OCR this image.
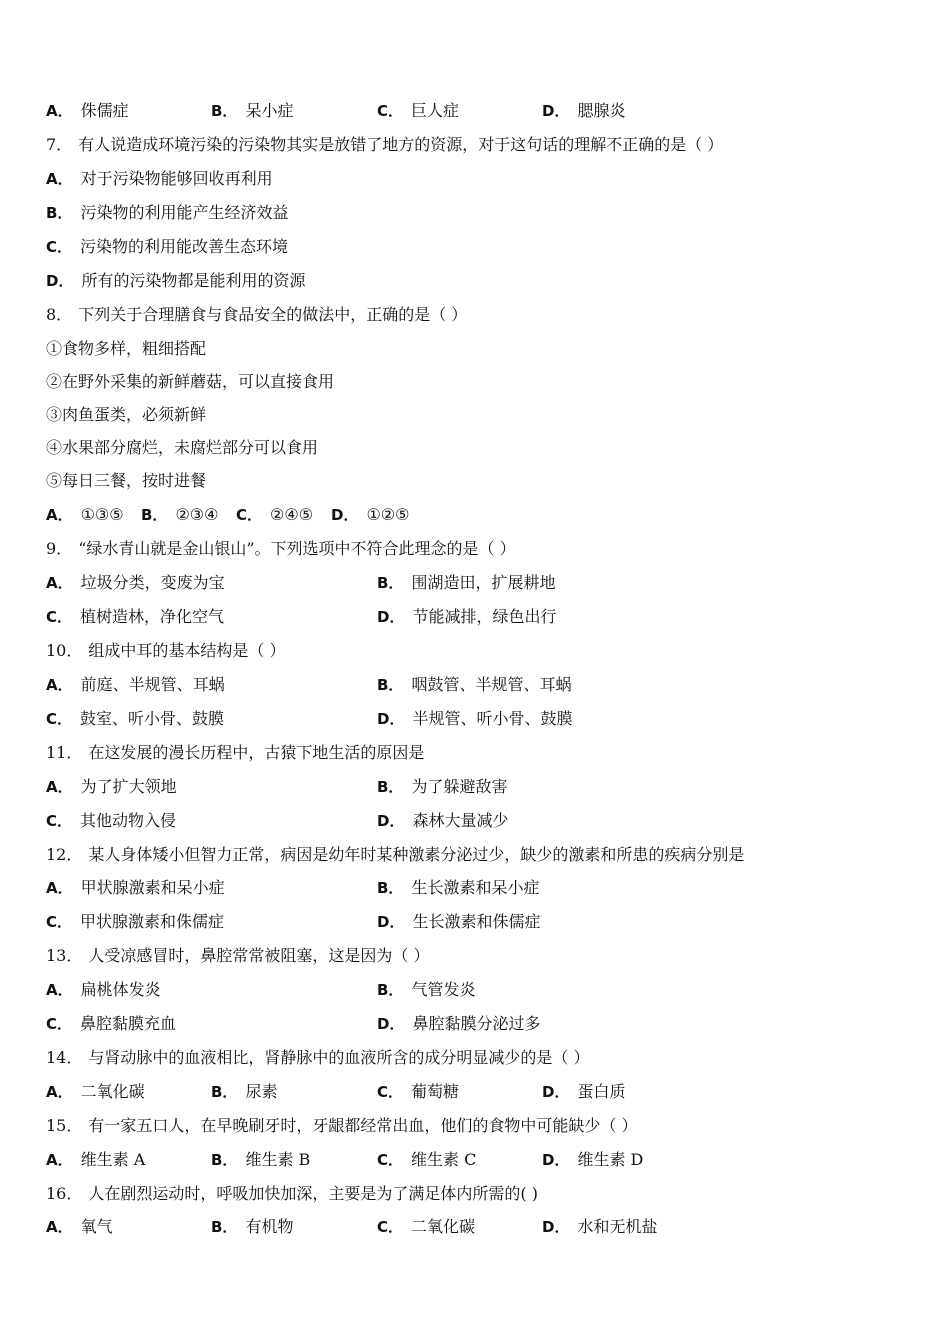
A． 侏儒症	B． 呆小症	C． 巨人症	D． 腮腺炎
7． 有人说造成环境污染的污染物其实是放错了地方的资源，对于这句话的理解不正确的是（ ）
A． 对于污染物能够回收再利用
B． 污染物的利用能产生经济效益
C． 污染物的利用能改善生态环境
D． 所有的污染物都是能利用的资源
8． 下列关于合理膳食与食品安全的做法中，正确的是（ ）
①食物多样，粗细搭配
②在野外采集的新鲜蘑菇，可以直接食用
③肉鱼蛋类，必须新鲜
④水果部分腐烂，未腐烂部分可以食用
⑤每日三餐，按时进餐
A． ①③⑤ B． ②③④ C． ②④⑤ D． ①②⑤
9． “绿水青山就是金山银山”。下列选项中不符合此理念的是（ ）
A． 垃圾分类，变废为宝	B． 围湖造田，扩展耕地
C． 植树造林，净化空气	D． 节能减排，绿色出行
10． 组成中耳的基本结构是（ ）
A． 前庭、半规管、耳蜗	B． 咽鼓管、半规管、耳蜗
C． 鼓室、听小骨、鼓膜	D． 半规管、听小骨、鼓膜
11． 在这发展的漫长历程中，古猿下地生活的原因是
A． 为了扩大领地	B． 为了躲避敌害
C． 其他动物入侵	D． 森林大量减少
12． 某人身体矮小但智力正常，病因是幼年时某种激素分泌过少，缺少的激素和所患的疾病分别是
A． 甲状腺激素和呆小症	B． 生长激素和呆小症
C． 甲状腺激素和侏儒症	D． 生长激素和侏儒症
13． 人受凉感冒时，鼻腔常常被阻塞，这是因为（ ）
A． 扁桃体发炎	B． 气管发炎
C． 鼻腔黏膜充血	D． 鼻腔黏膜分泌过多
14． 与肾动脉中的血液相比，肾静脉中的血液所含的成分明显减少的是（ ）
A． 二氧化碳	B． 尿素	C． 葡萄糖	D． 蛋白质
15． 有一家五口人，在早晚刷牙时，牙龈都经常出血，他们的食物中可能缺少（ ）
A． 维生素 A	B． 维生素 B	C． 维生素 C	D． 维生素 D
16． 人在剧烈运动时，呼吸加快加深，主要是为了满足体内所需的( )
A． 氧气	B． 有机物	C． 二氧化碳	D． 水和无机盐
